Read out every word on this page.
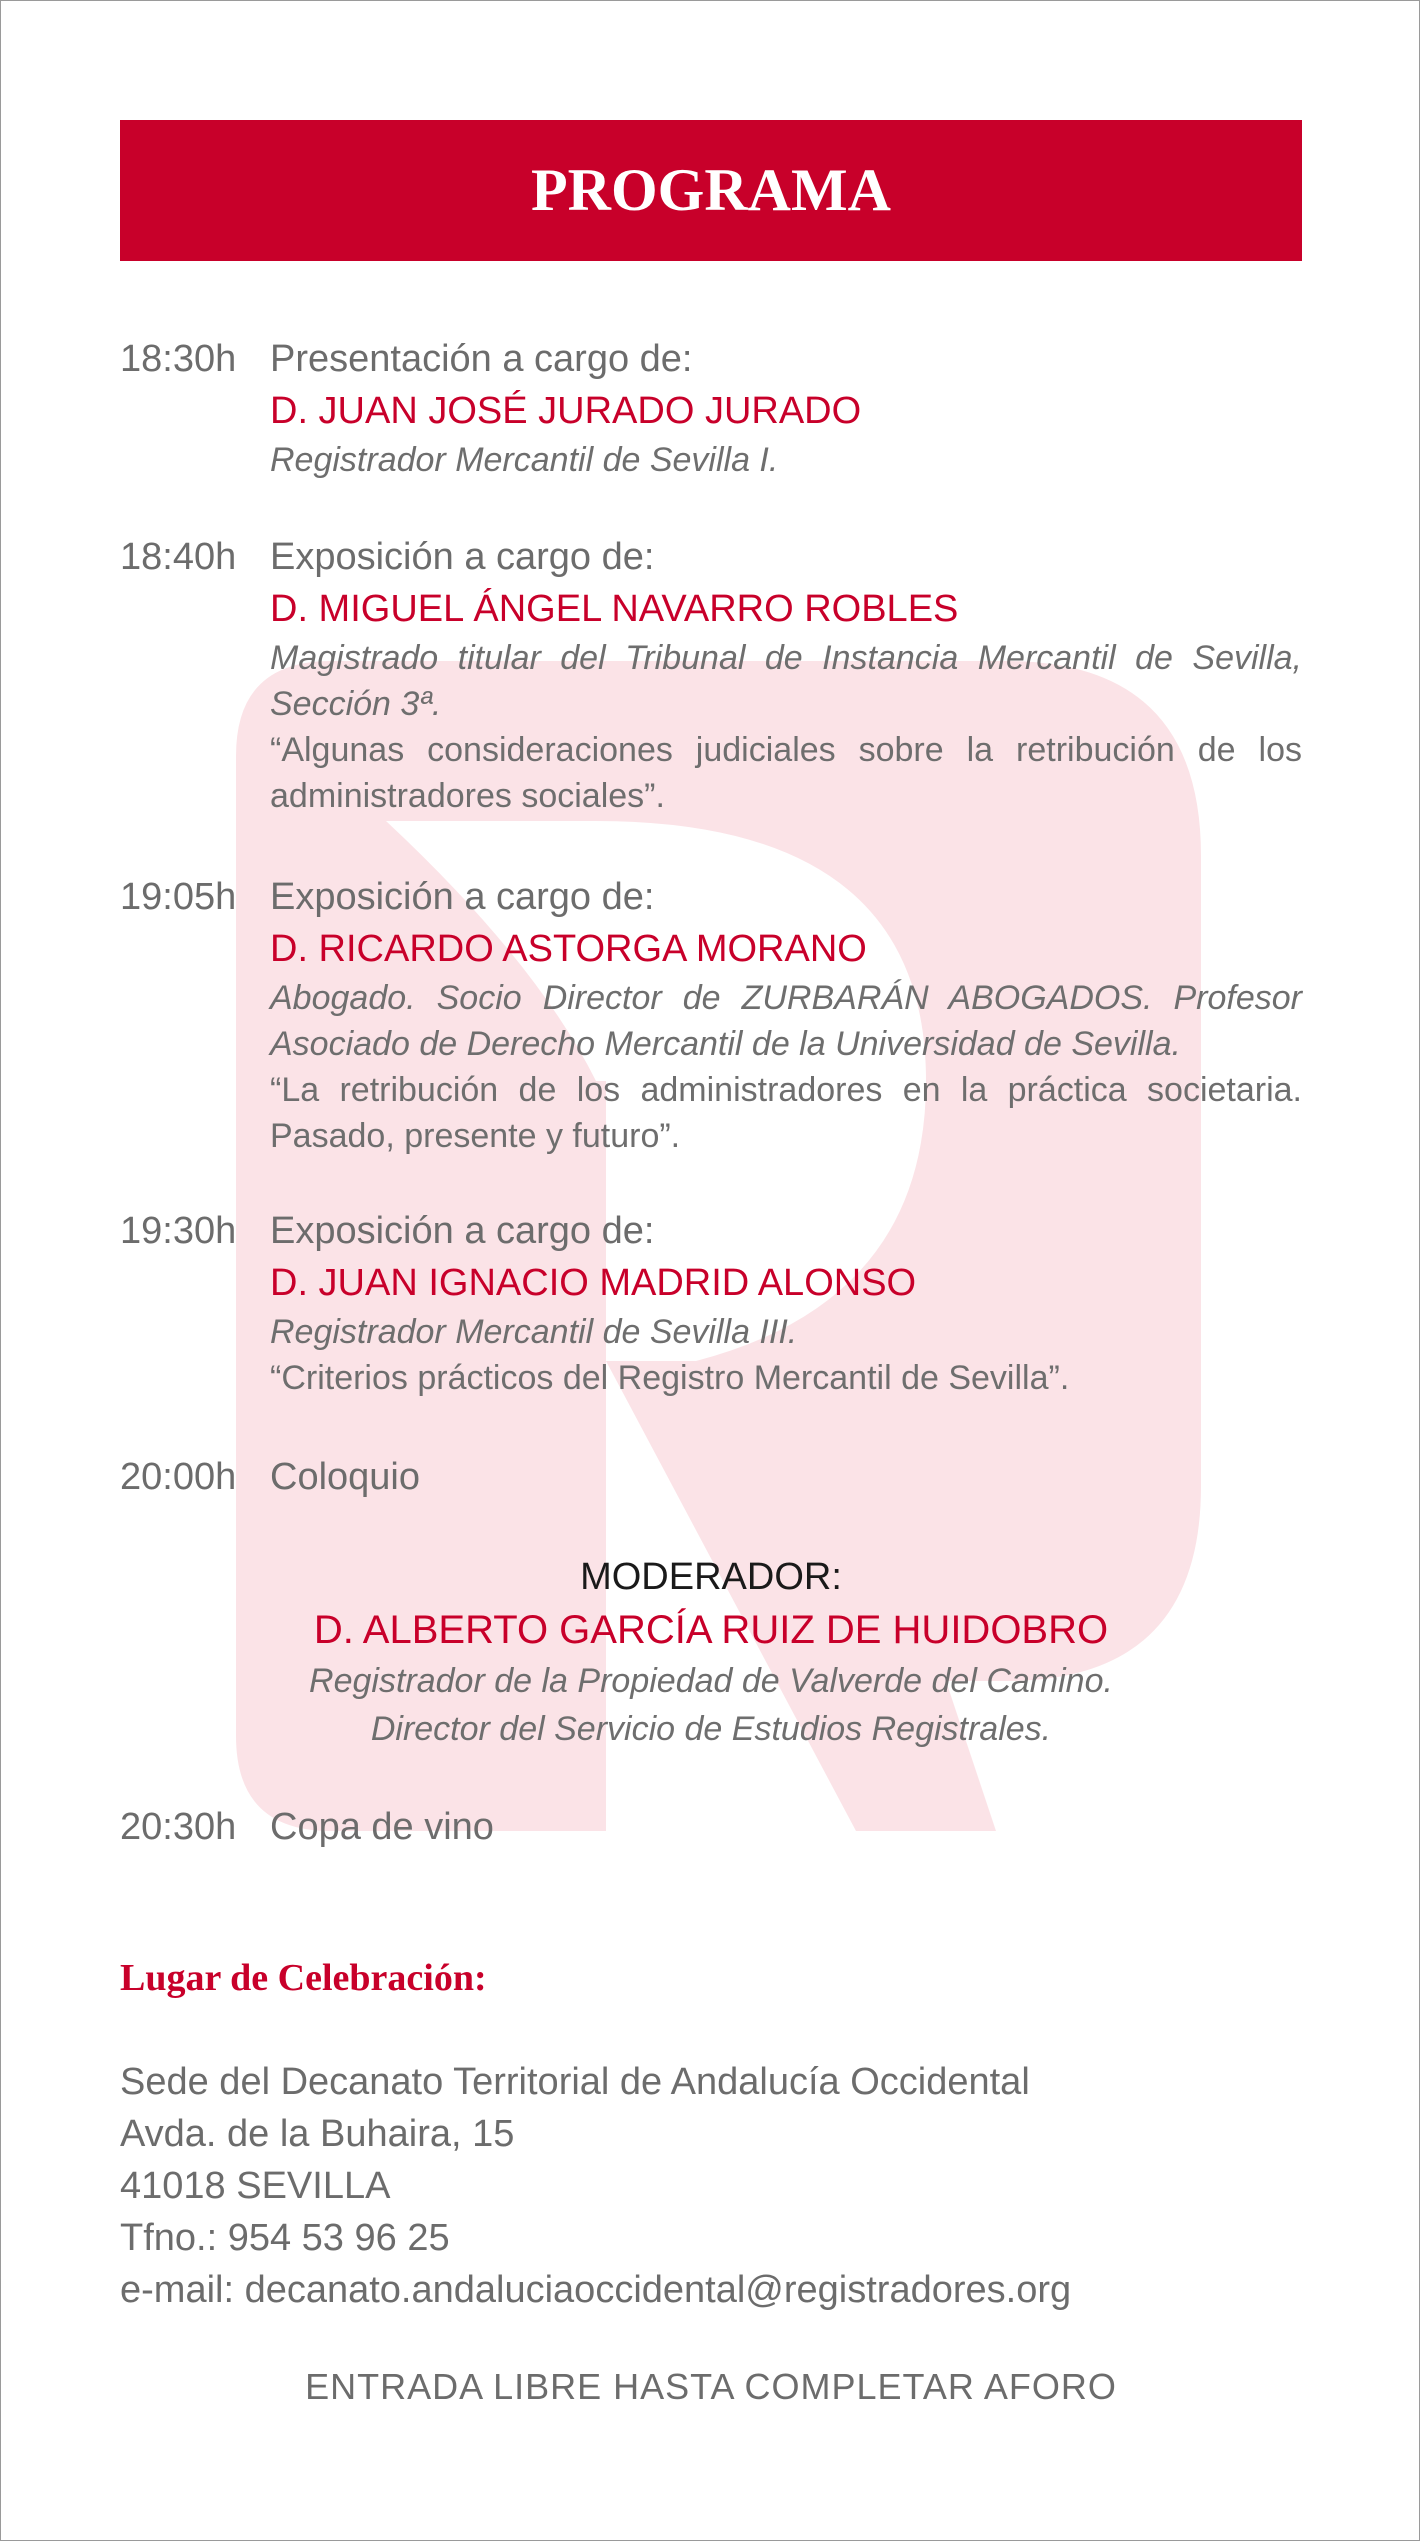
PROGRAMA
18:30h Presentación a cargo de:
D. JUAN JOSÉ JURADO JURADO
Registrador Mercantil de Sevilla I.
18:40h Exposición a cargo de:
D. MIGUEL ÁNGEL NAVARRO ROBLES
Magistrado titular del Tribunal de Instancia Mercantil de Sevilla, Sección 3ª.
“Algunas consideraciones judiciales sobre la retribución de los administradores sociales”.
19:05h Exposición a cargo de:
D. RICARDO ASTORGA MORANO
Abogado. Socio Director de ZURBARÁN ABOGADOS. Profesor Asociado de Derecho Mercantil de la Universidad de Sevilla.
“La retribución de los administradores en la práctica societaria. Pasado, presente y futuro”.
19:30h Exposición a cargo de:
D. JUAN IGNACIO MADRID ALONSO
Registrador Mercantil de Sevilla III.
“Criterios prácticos del Registro Mercantil de Sevilla”.
20:00h Coloquio
MODERADOR:
D. ALBERTO GARCÍA RUIZ DE HUIDOBRO
Registrador de la Propiedad de Valverde del Camino.
Director del Servicio de Estudios Registrales.
20:30h Copa de vino
Lugar de Celebración:
Sede del Decanato Territorial de Andalucía Occidental
Avda. de la Buhaira, 15
41018 SEVILLA
Tfno.: 954 53 96 25
e-mail: decanato.andaluciaoccidental@registradores.org
ENTRADA LIBRE HASTA COMPLETAR AFORO
